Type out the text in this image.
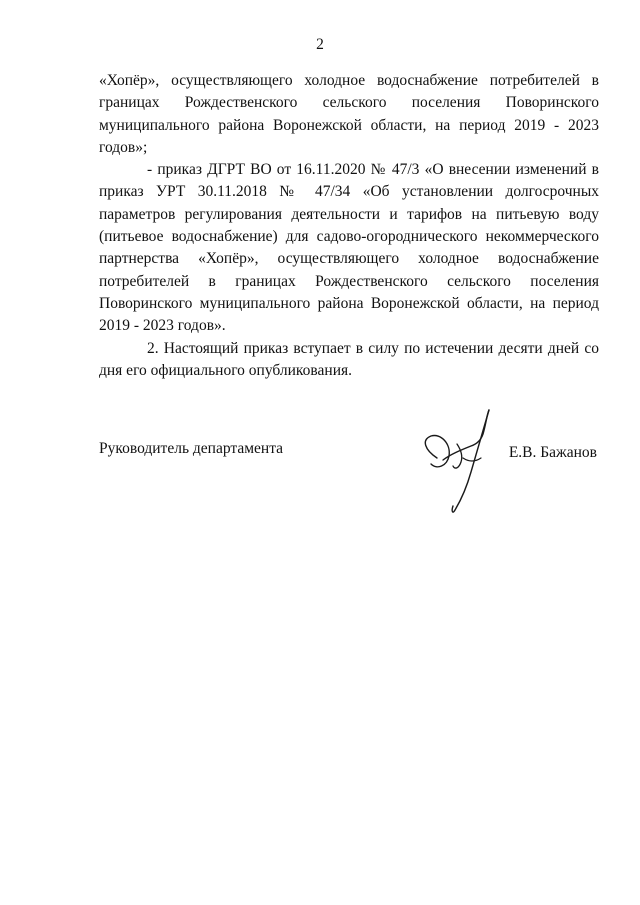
2

«Хопёр», осуществляющего холодное водоснабжение потребителей в границах Рождественского сельского поселения Поворинского муниципального района Воронежской области, на период 2019 - 2023 годов»;

- приказ ДГРТ ВО от 16.11.2020 № 47/3 «О внесении изменений в приказ УРТ 30.11.2018 № 47/34 «Об установлении долгосрочных параметров регулирования деятельности и тарифов на питьевую воду (питьевое водоснабжение) для садово-огороднического некоммерческого партнерства «Хопёр», осуществляющего холодное водоснабжение потребителей в границах Рождественского сельского поселения Поворинского муниципального района Воронежской области, на период 2019 - 2023 годов».

2. Настоящий приказ вступает в силу по истечении десяти дней со дня его официального опубликования.

Руководитель департамента	Е.В. Бажанов
